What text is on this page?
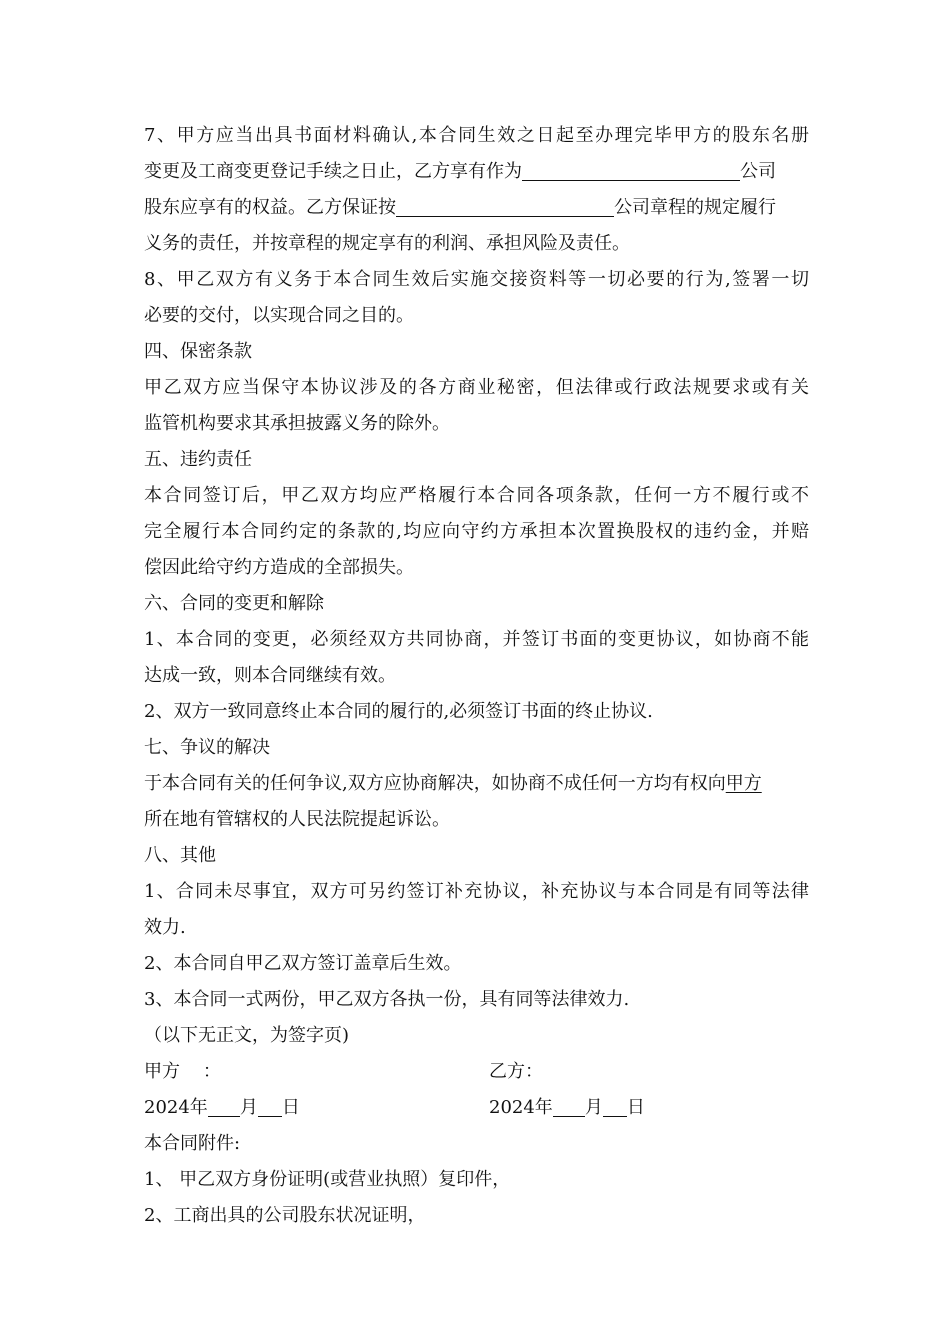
7、甲方应当出具书面材料确认,本合同生效之日起至办理完毕甲方的股东名册
变更及工商变更登记手续之日止，乙方享有作为	公司
股东应享有的权益。乙方保证按	公司章程的规定履行
义务的责任，并按章程的规定享有的利润、承担风险及责任。
8、甲乙双方有义务于本合同生效后实施交接资料等一切必要的行为,签署一切
必要的交付，以实现合同之目的。
四、保密条款
甲乙双方应当保守本协议涉及的各方商业秘密，但法律或行政法规要求或有关
监管机构要求其承担披露义务的除外。
五、违约责任
本合同签订后，甲乙双方均应严格履行本合同各项条款，任何一方不履行或不
完全履行本合同约定的条款的,均应向守约方承担本次置换股权的违约金，并赔
偿因此给守约方造成的全部损失。
六、合同的变更和解除
1、本合同的变更，必须经双方共同协商，并签订书面的变更协议，如协商不能
达成一致，则本合同继续有效。
2、双方一致同意终止本合同的履行的,必须签订书面的终止协议.
七、争议的解决
于本合同有关的任何争议,双方应协商解决，如协商不成任何一方均有权向甲方
所在地有管辖权的人民法院提起诉讼。
八、其他
1、合同未尽事宜，双方可另约签订补充协议，补充协议与本合同是有同等法律
效力.
2、本合同自甲乙双方签订盖章后生效。
3、本合同一式两份，甲乙双方各执一份，具有同等法律效力.
（以下无正文，为签字页)
甲方    ：	乙方：
2024年 月 日	2024年 月 日
本合同附件:
1、 甲乙双方身份证明(或营业执照）复印件，
2、工商出具的公司股东状况证明，
